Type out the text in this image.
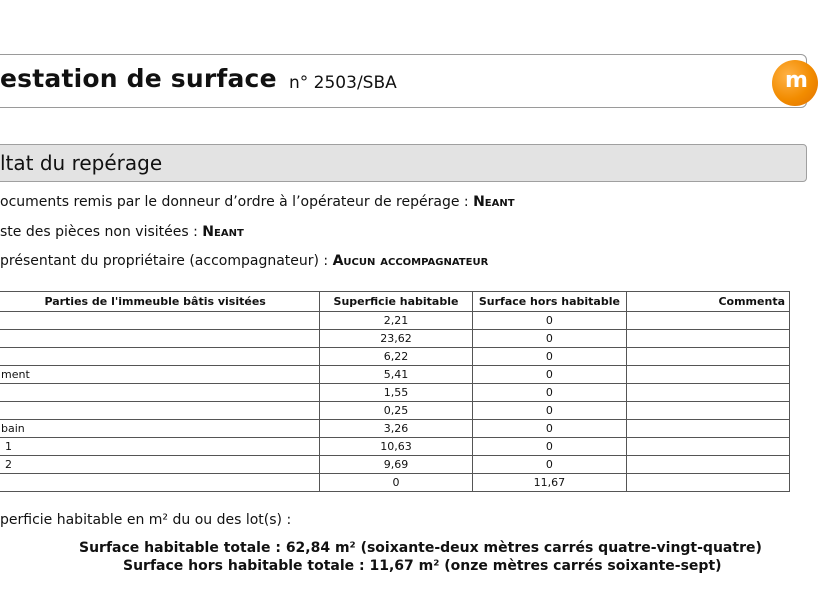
estation de surface n° 2503/SBA	m
ltat du repérage
ocuments remis par le donneur d’ordre à l’opérateur de repérage : Neant
ste des pièces non visitées : Neant
présentant du propriétaire (accompagnateur) : Aucun accompagnateur
Parties de l'immeuble bâtis visitées	Superficie habitable	Surface hors habitable	Commenta
	2,21	0	
	23,62	0	
	6,22	0	
ment	5,41	0	
	1,55	0	
	0,25	0	
bain	3,26	0	
1	10,63	0	
2	9,69	0	
	0	11,67	
perficie habitable en m² du ou des lot(s) :
Surface habitable totale : 62,84 m² (soixante-deux mètres carrés quatre-vingt-quatre)
Surface hors habitable totale : 11,67 m² (onze mètres carrés soixante-sept)
